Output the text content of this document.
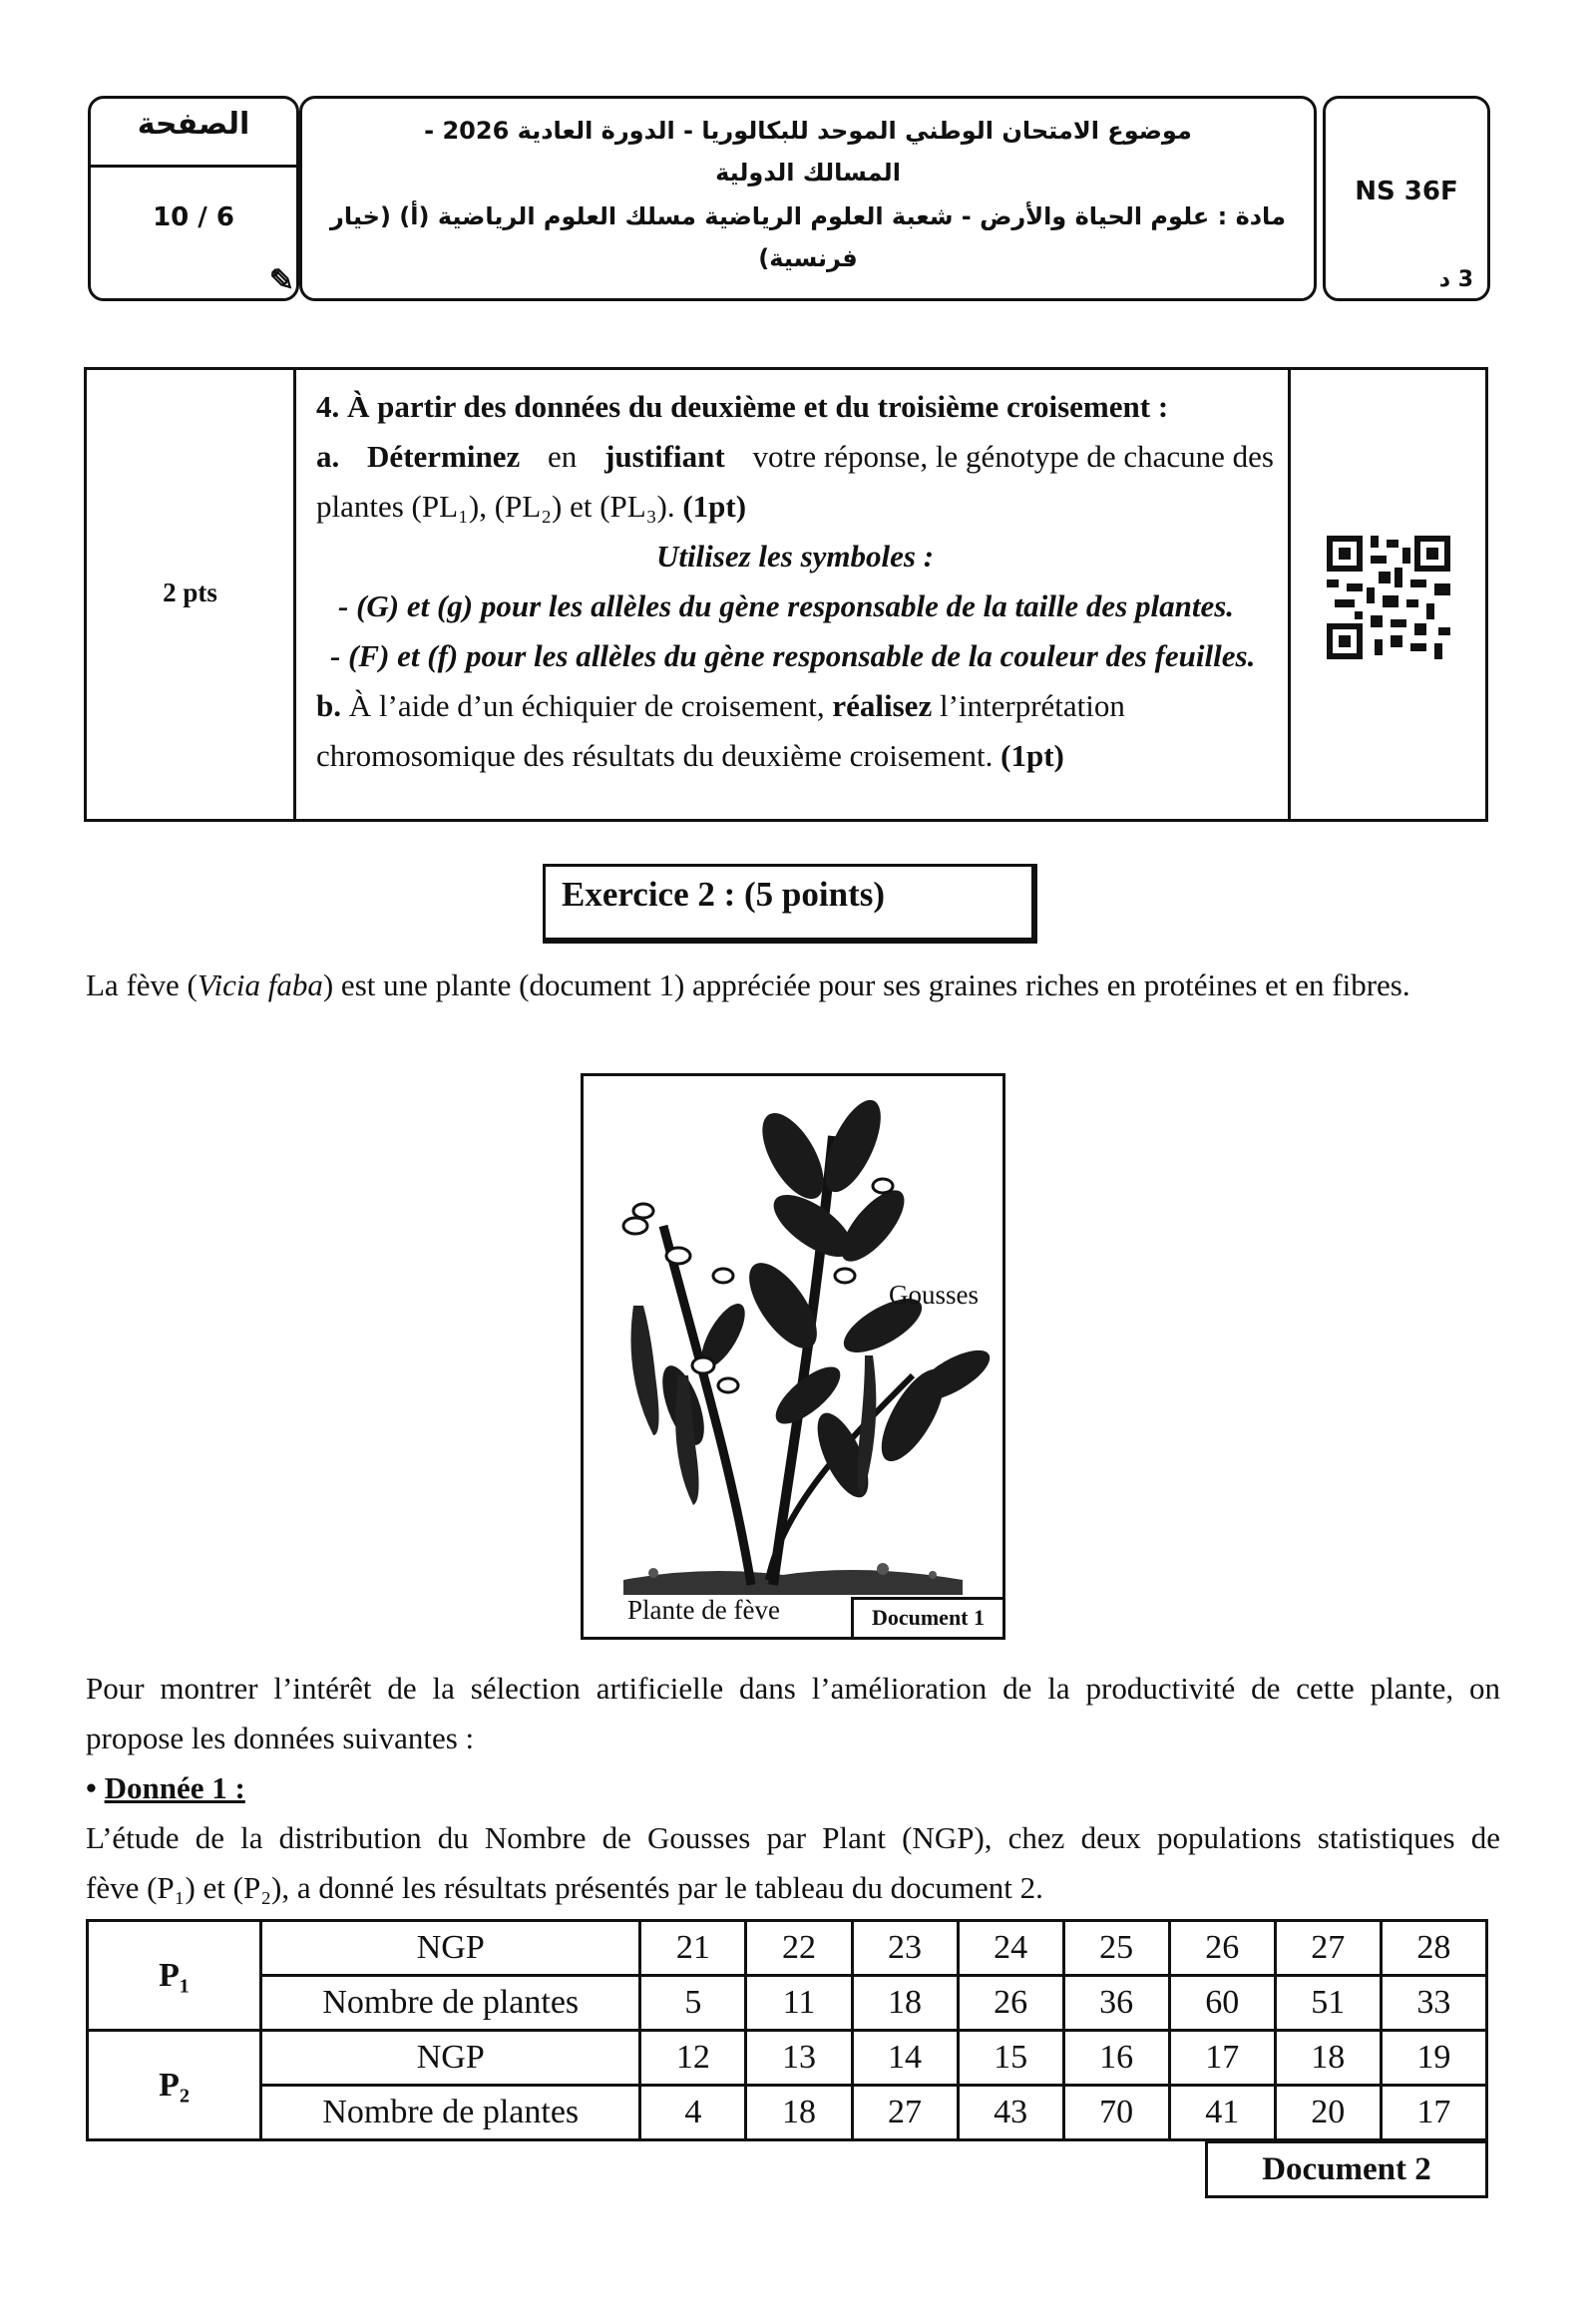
الصفحة
10 / 6
✎
موضوع الامتحان الوطني الموحد للبكالوريا - الدورة العادية 2026 -
المسالك الدولية
مادة : علوم الحياة والأرض - شعبة العلوم الرياضية مسلك العلوم الرياضية (أ) (خيار
فرنسية)
NS 36F
3 د
2 pts
4. À partir des données du deuxième et du troisième croisement :
a. Déterminez en justifiant votre réponse, le génotype de chacune des
plantes (PL₁), (PL₂) et (PL₃). (1pt)
Utilisez les symboles :
- (G) et (g) pour les allèles du gène responsable de la taille des plantes.
- (F) et (f) pour les allèles du gène responsable de la couleur des feuilles.
b. À l’aide d’un échiquier de croisement, réalisez l’interprétation
chromosomique des résultats du deuxième croisement. (1pt)
Exercice 2 : (5 points)
La fève (Vicia faba) est une plante (document 1) appréciée pour ses graines riches en protéines et en fibres.
Gousses
Plante de fève	Document 1
Pour montrer l’intérêt de la sélection artificielle dans l’amélioration de la productivité de cette plante, on
propose les données suivantes :
• Donnée 1 :
L’étude de la distribution du Nombre de Gousses par Plant (NGP), chez deux populations statistiques de
fève (P₁) et (P₂), a donné les résultats présentés par le tableau du document 2.
P₁	NGP	21	22	23	24	25	26	27	28
	Nombre de plantes	5	11	18	26	36	60	51	33
P₂	NGP	12	13	14	15	16	17	18	19
	Nombre de plantes	4	18	27	43	70	41	20	17
Document 2
